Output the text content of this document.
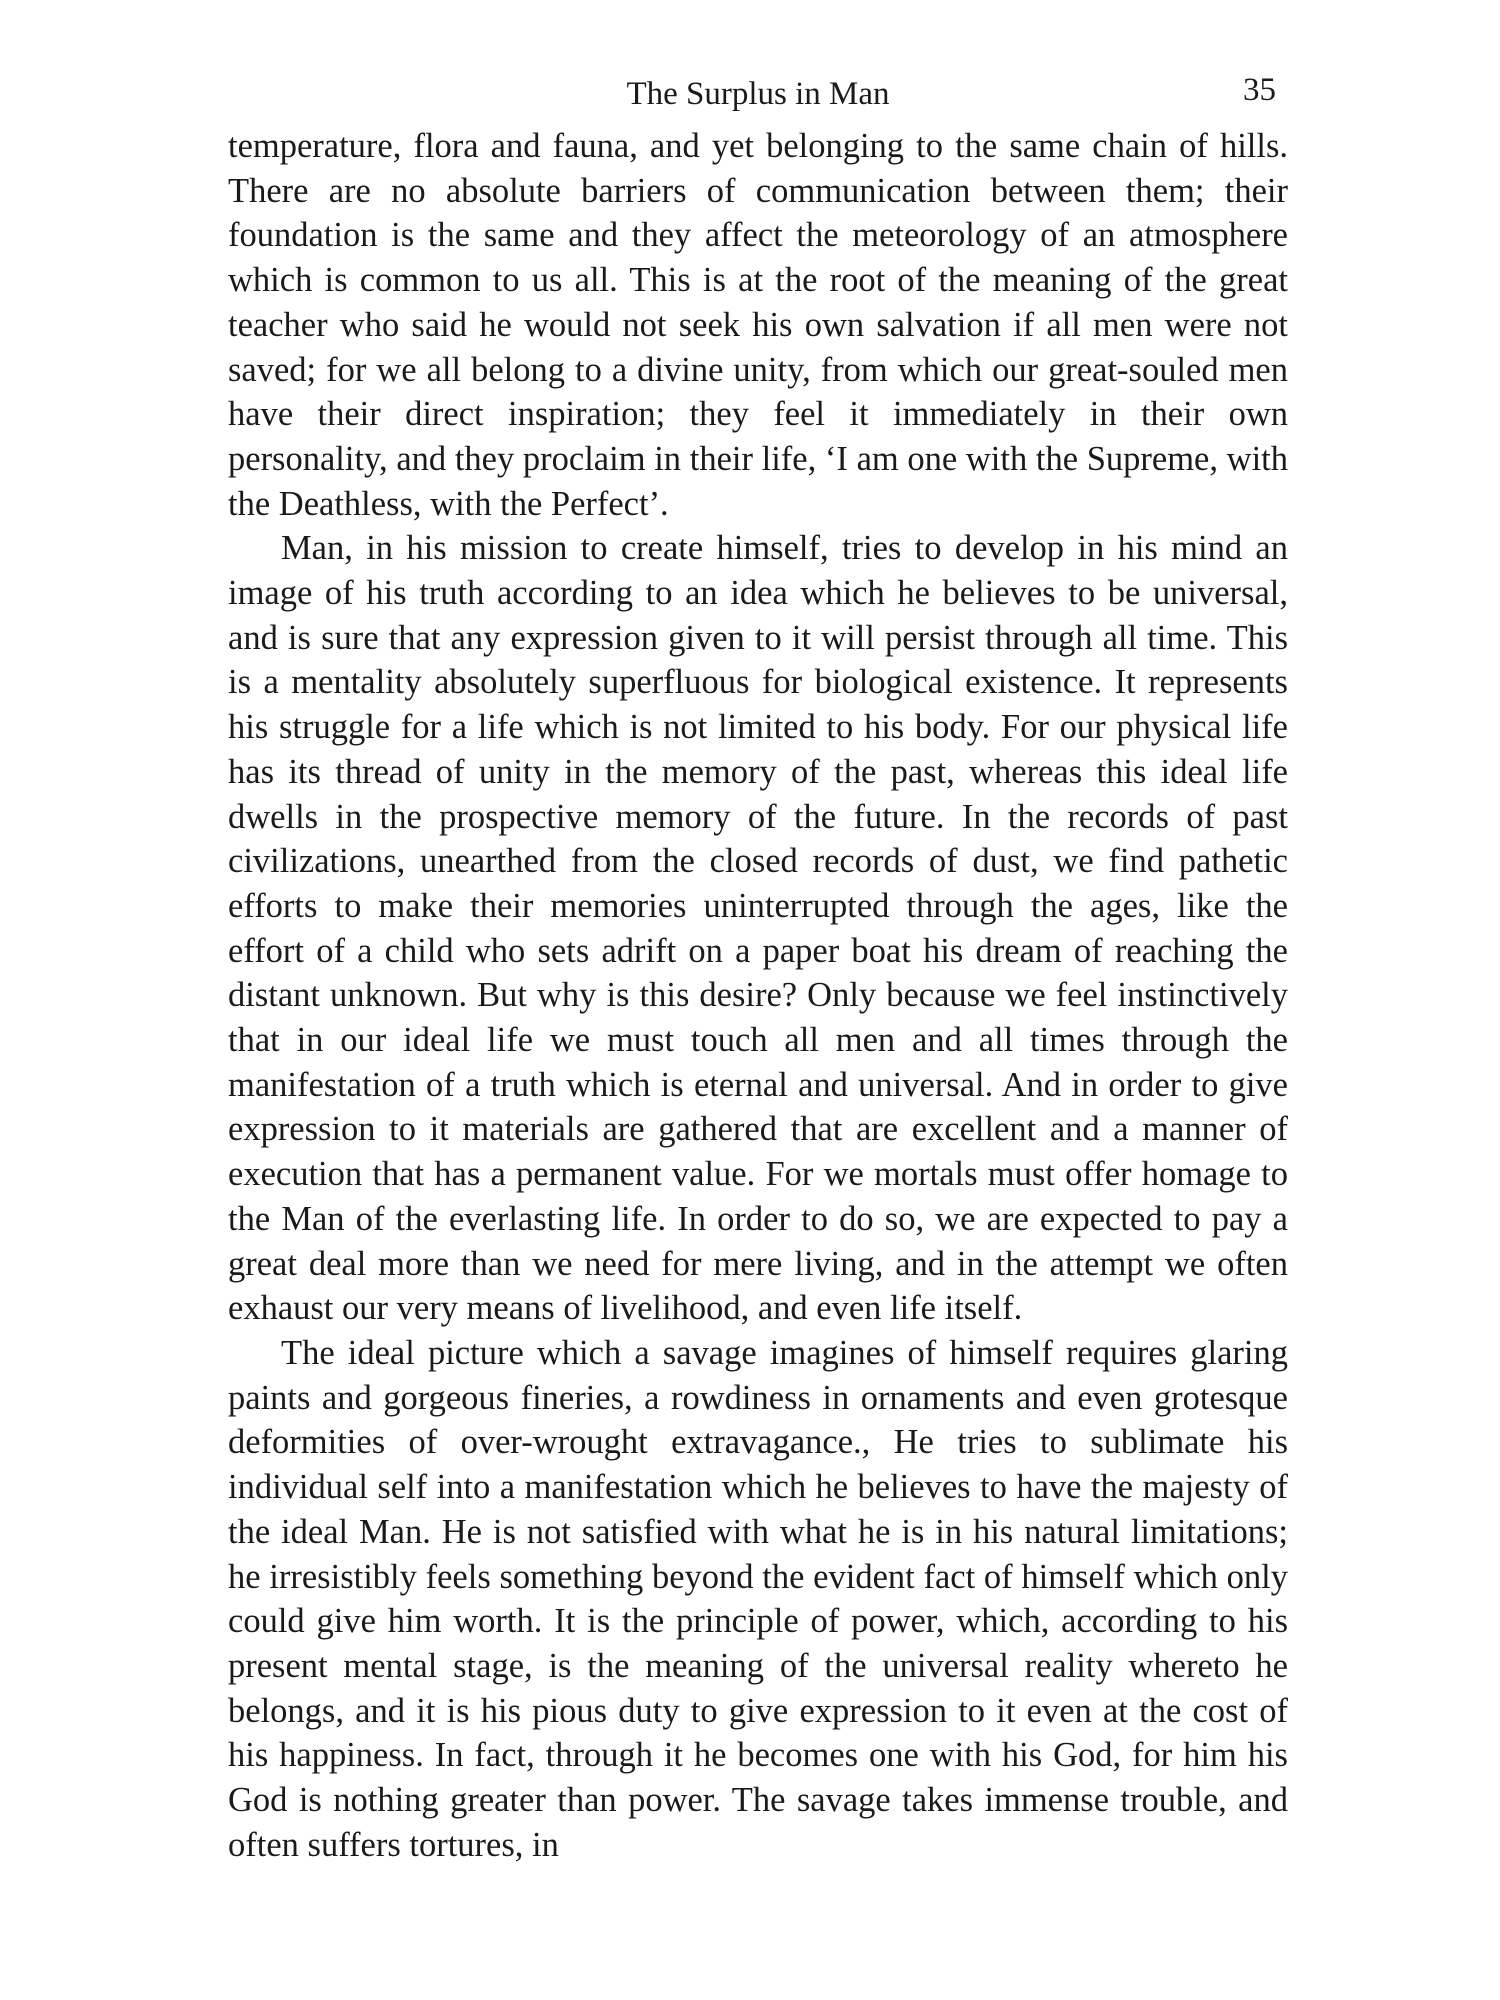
The Surplus in Man	35

temperature, flora and fauna, and yet belonging to the same chain of hills. There are no absolute barriers of communication between them; their foundation is the same and they affect the meteorology of an atmosphere which is common to us all. This is at the root of the meaning of the great teacher who said he would not seek his own salvation if all men were not saved; for we all belong to a divine unity, from which our great-souled men have their direct inspiration; they feel it immediately in their own personality, and they proclaim in their life, ‘I am one with the Supreme, with the Deathless, with the Perfect’.

Man, in his mission to create himself, tries to develop in his mind an image of his truth according to an idea which he believes to be universal, and is sure that any expression given to it will persist through all time. This is a mentality absolutely superfluous for biological existence. It represents his struggle for a life which is not limited to his body. For our physical life has its thread of unity in the memory of the past, whereas this ideal life dwells in the prospective memory of the future. In the records of past civilizations, unearthed from the closed records of dust, we find pathetic efforts to make their memories uninterrupted through the ages, like the effort of a child who sets adrift on a paper boat his dream of reaching the distant unknown. But why is this desire? Only because we feel instinctively that in our ideal life we must touch all men and all times through the manifestation of a truth which is eternal and universal. And in order to give expression to it materials are gathered that are excellent and a manner of execution that has a permanent value. For we mortals must offer homage to the Man of the everlasting life. In order to do so, we are expected to pay a great deal more than we need for mere living, and in the attempt we often exhaust our very means of livelihood, and even life itself.

The ideal picture which a savage imagines of himself requires glaring paints and gorgeous fineries, a rowdiness in ornaments and even grotesque deformities of over-wrought extravagance., He tries to sublimate his individual self into a manifestation which he believes to have the majesty of the ideal Man. He is not satisfied with what he is in his natural limitations; he irresistibly feels something beyond the evident fact of himself which only could give him worth. It is the principle of power, which, according to his present mental stage, is the meaning of the universal reality whereto he belongs, and it is his pious duty to give expression to it even at the cost of his happiness. In fact, through it he becomes one with his God, for him his God is nothing greater than power. The savage takes immense trouble, and often suffers tortures, in
